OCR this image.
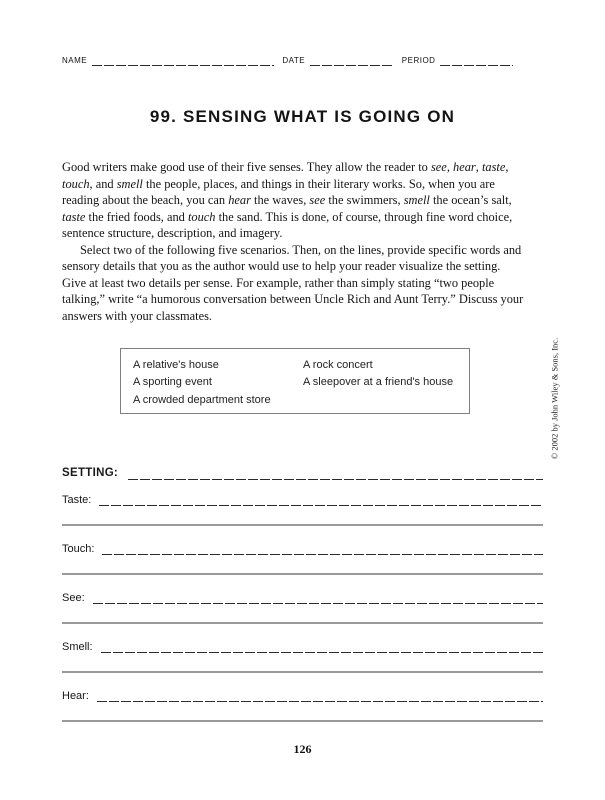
NAME	DATE	PERIOD
99. SENSING WHAT IS GOING ON
Good writers make good use of their five senses. They allow the reader to see, hear, taste,
touch, and smell the people, places, and things in their literary works. So, when you are
reading about the beach, you can hear the waves, see the swimmers, smell the ocean’s salt,
taste the fried foods, and touch the sand. This is done, of course, through fine word choice,
sentence structure, description, and imagery.
Select two of the following five scenarios. Then, on the lines, provide specific words and
sensory details that you as the author would use to help your reader visualize the setting.
Give at least two details per sense. For example, rather than simply stating “two people
talking,” write “a humorous conversation between Uncle Rich and Aunt Terry.” Discuss your
answers with your classmates.
A relative's house
A sporting event
A crowded department store
A rock concert
A sleepover at a friend's house	© 2002 by John Wiley & Sons, Inc.
SETTING:
Taste:
Touch:
See:
Smell:
Hear:
126
